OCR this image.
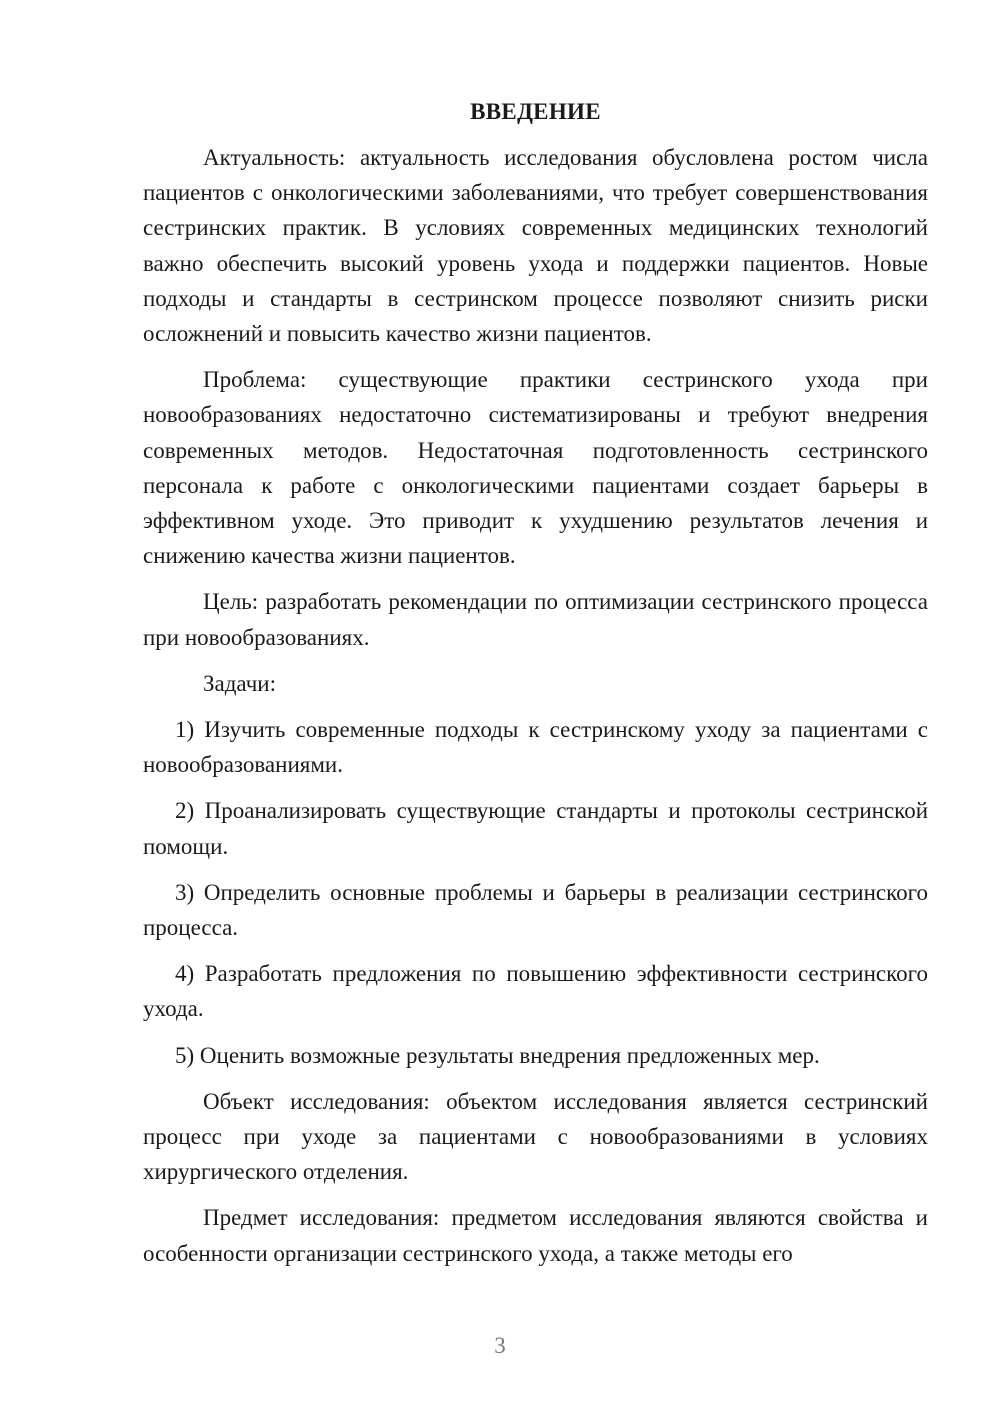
ВВЕДЕНИЕ

Актуальность: актуальность исследования обусловлена ростом числа пациентов с онкологическими заболеваниями, что требует совершенствования сестринских практик. В условиях современных медицинских технологий важно обеспечить высокий уровень ухода и поддержки пациентов. Новые подходы и стандарты в сестринском процессе позволяют снизить риски осложнений и повысить качество жизни пациентов.

Проблема: существующие практики сестринского ухода при новообразованиях недостаточно систематизированы и требуют внедрения современных методов. Недостаточная подготовленность сестринского персонала к работе с онкологическими пациентами создает барьеры в эффективном уходе. Это приводит к ухудшению результатов лечения и снижению качества жизни пациентов.

Цель: разработать рекомендации по оптимизации сестринского процесса при новообразованиях.

Задачи:

1) Изучить современные подходы к сестринскому уходу за пациентами с новообразованиями.

2) Проанализировать существующие стандарты и протоколы сестринской помощи.

3) Определить основные проблемы и барьеры в реализации сестринского процесса.

4) Разработать предложения по повышению эффективности сестринского ухода.

5) Оценить возможные результаты внедрения предложенных мер.

Объект исследования: объектом исследования является сестринский процесс при уходе за пациентами с новообразованиями в условиях хирургического отделения.

Предмет исследования: предметом исследования являются свойства и особенности организации сестринского ухода, а также методы его

3
